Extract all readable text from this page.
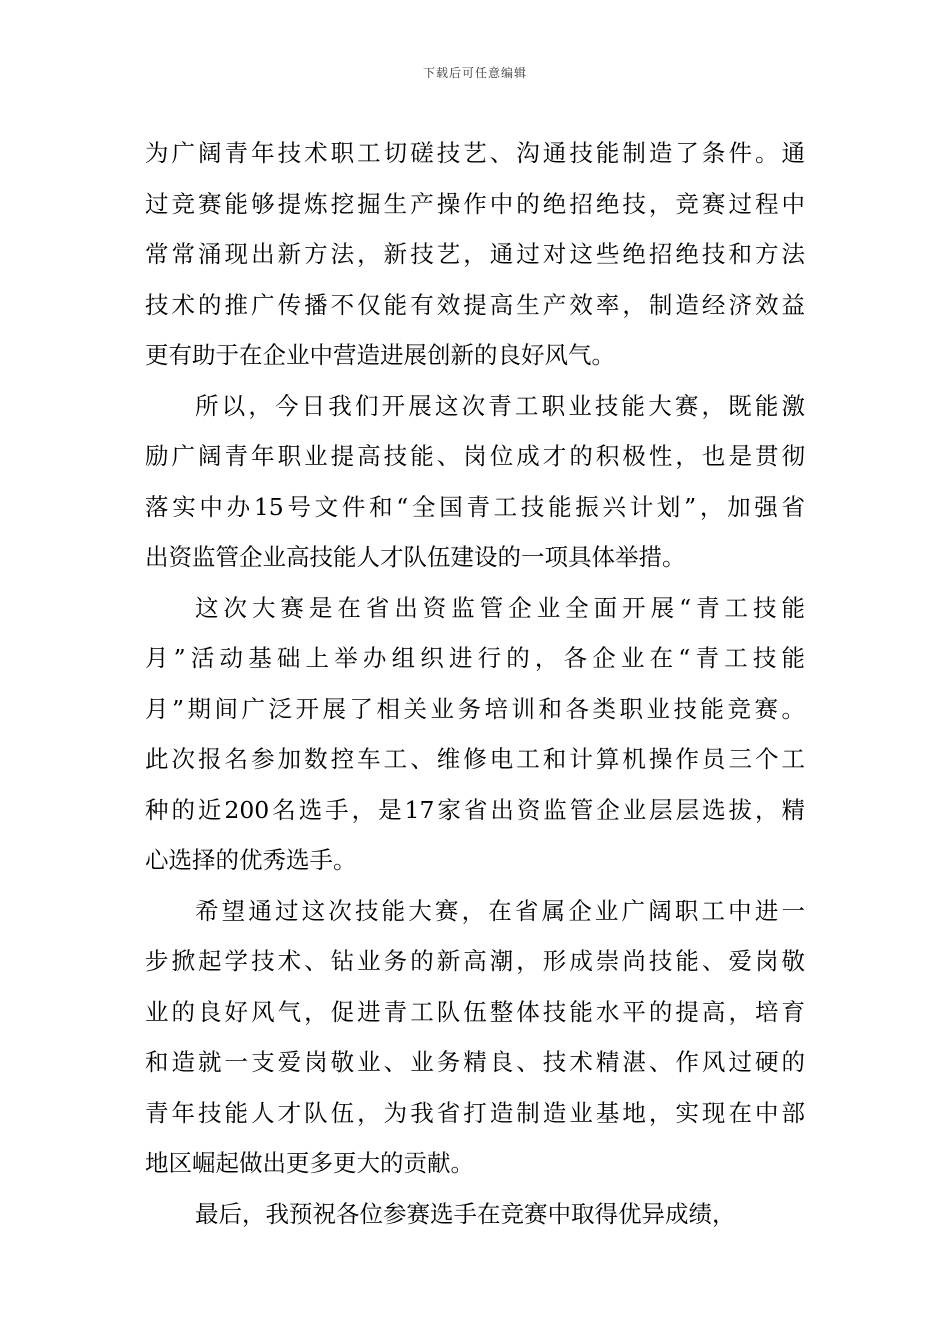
下载后可任意编辑

为广阔青年技术职工切磋技艺、沟通技能制造了条件。通
过竞赛能够提炼挖掘生产操作中的绝招绝技，竞赛过程中
常常涌现出新方法，新技艺，通过对这些绝招绝技和方法
技术的推广传播不仅能有效提高生产效率，制造经济效益
更有助于在企业中营造进展创新的良好风气。

所以，今日我们开展这次青工职业技能大赛，既能激
励广阔青年职业提高技能、岗位成才的积极性，也是贯彻
落实中办15号文件和“全国青工技能振兴计划”，加强省
出资监管企业高技能人才队伍建设的一项具体举措。

这次大赛是在省出资监管企业全面开展“青工技能
月”活动基础上举办组织进行的，各企业在“青工技能
月”期间广泛开展了相关业务培训和各类职业技能竞赛。
此次报名参加数控车工、维修电工和计算机操作员三个工
种的近200名选手，是17家省出资监管企业层层选拔，精
心选择的优秀选手。

希望通过这次技能大赛，在省属企业广阔职工中进一
步掀起学技术、钻业务的新高潮，形成崇尚技能、爱岗敬
业的良好风气，促进青工队伍整体技能水平的提高，培育
和造就一支爱岗敬业、业务精良、技术精湛、作风过硬的
青年技能人才队伍，为我省打造制造业基地，实现在中部
地区崛起做出更多更大的贡献。

最后，我预祝各位参赛选手在竞赛中取得优异成绩，
